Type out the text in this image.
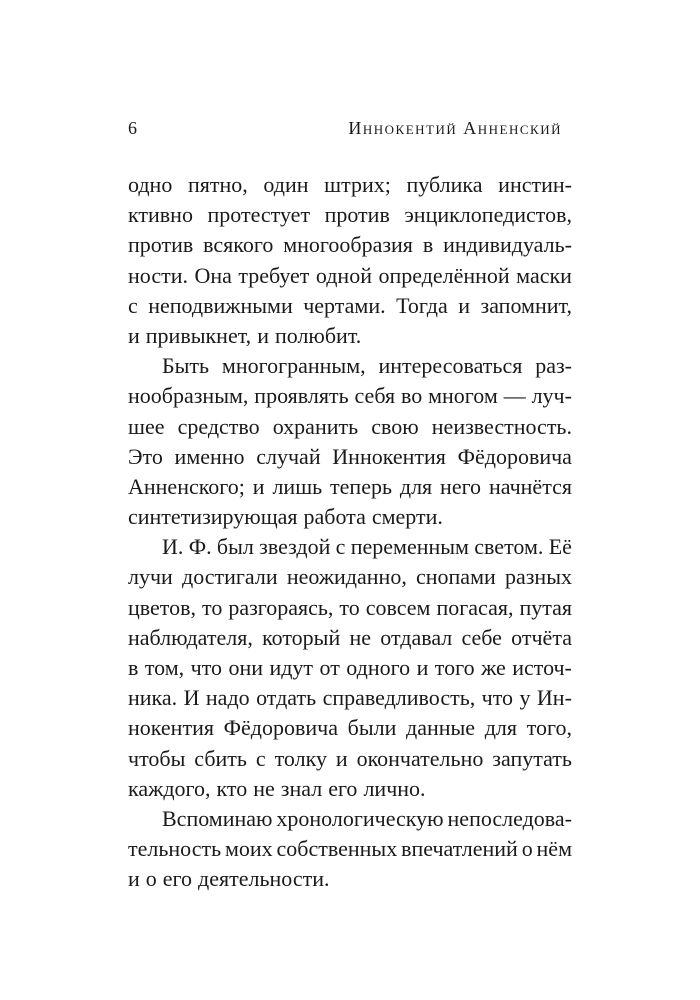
6	Иннокентий Анненский
одно пятно, один штрих; публика инстин-
ктивно протестует против энциклопедистов,
против всякого многообразия в индивидуаль-
ности. Она требует одной определённой маски
с неподвижными чертами. Тогда и запомнит,
и привыкнет, и полюбит.
Быть многогранным, интересоваться раз-
нообразным, проявлять себя во многом — луч-
шее средство охранить свою неизвестность.
Это именно случай Иннокентия Фёдоровича
Анненского; и лишь теперь для него начнётся
синтетизирующая работа смерти.
И. Ф. был звездой с переменным светом. Её
лучи достигали неожиданно, снопами разных
цветов, то разгораясь, то совсем погасая, путая
наблюдателя, который не отдавал себе отчёта
в том, что они идут от одного и того же источ-
ника. И надо отдать справедливость, что у Ин-
нокентия Фёдоровича были данные для того,
чтобы сбить с толку и окончательно запутать
каждого, кто не знал его лично.
Вспоминаю хронологическую непоследова-
тельность моих собственных впечатлений о нём
и о его деятельности.
